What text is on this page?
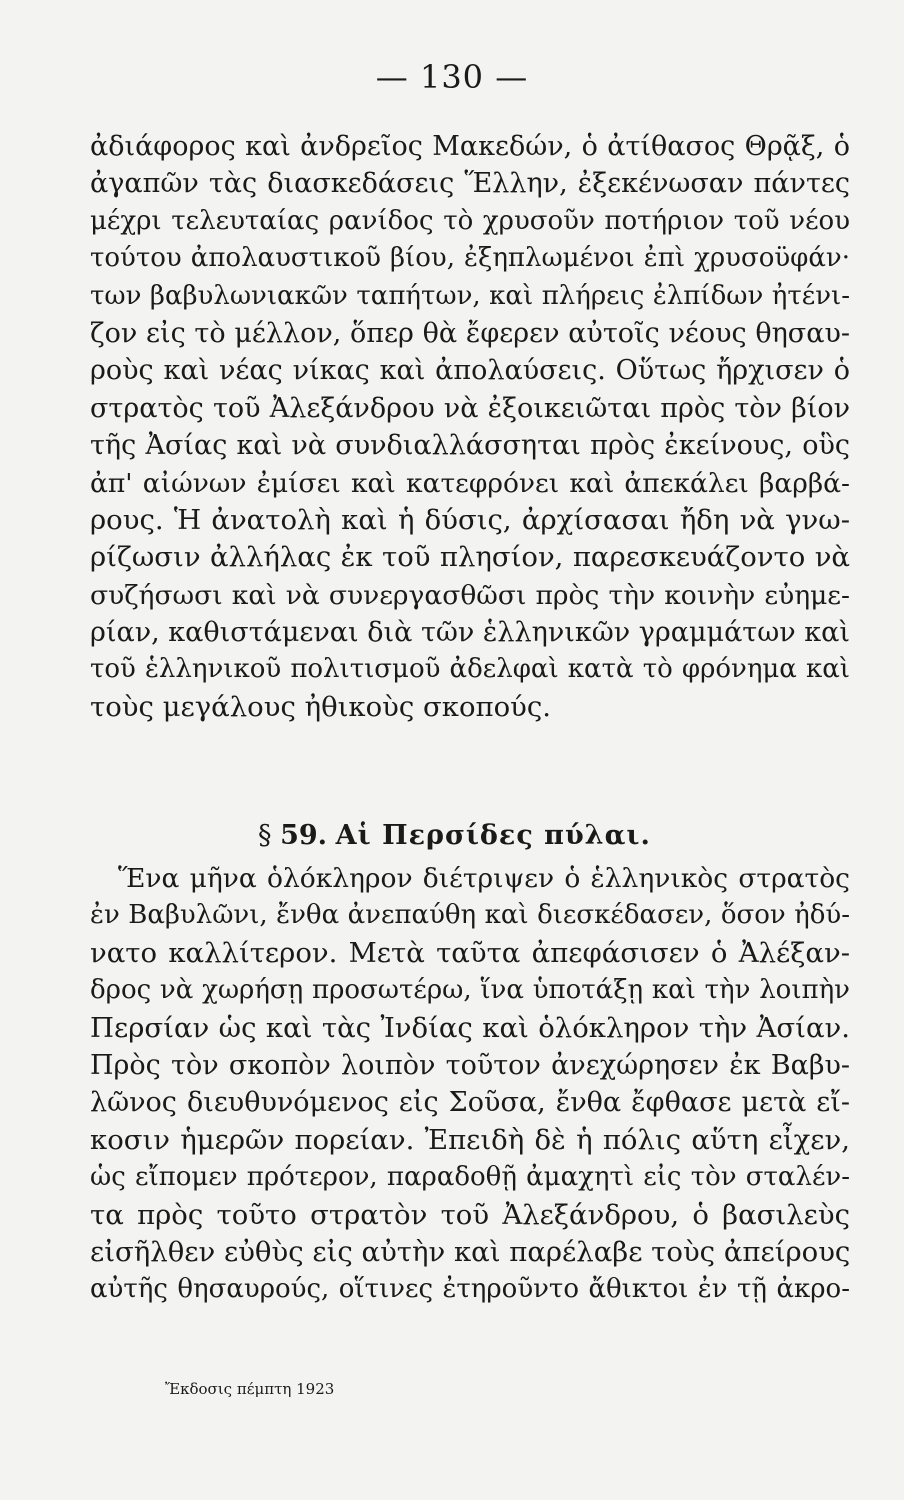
— 130 —
ἀδιάφορος καὶ ἀνδρεῖος Μακεδών, ὁ ἀτίθασος Θρᾷξ, ὁ
ἀγαπῶν τὰς διασκεδάσεις Ἕλλην, ἐξεκένωσαν πάντες
μέχρι τελευταίας ρανίδος τὸ χρυσοῦν ποτήριον τοῦ νέου
τούτου ἀπολαυστικοῦ βίου, ἐξηπλωμένοι ἐπὶ χρυσοϋφάν·
των βαβυλωνιακῶν ταπήτων, καὶ πλήρεις ἐλπίδων ἠτένι-
ζον εἰς τὸ μέλλον, ὅπερ θὰ ἔφερεν αὐτοῖς νέους θησαυ-
ροὺς καὶ νέας νίκας καὶ ἀπολαύσεις. Οὕτως ἤρχισεν ὁ
στρατὸς τοῦ Ἀλεξάνδρου νὰ ἐξοικειῶται πρὸς τὸν βίον
τῆς Ἀσίας καὶ νὰ συνδιαλλάσσηται πρὸς ἐκείνους, οὓς
ἀπ' αἰώνων ἐμίσει καὶ κατεφρόνει καὶ ἀπεκάλει βαρβά-
ρους. Ἡ ἀνατολὴ καὶ ἡ δύσις, ἀρχίσασαι ἤδη νὰ γνω-
ρίζωσιν ἀλλήλας ἐκ τοῦ πλησίον, παρεσκευάζοντο νὰ
συζήσωσι καὶ νὰ συνεργασθῶσι πρὸς τὴν κοινὴν εὐημε-
ρίαν, καθιστάμεναι διὰ τῶν ἑλληνικῶν γραμμάτων καὶ
τοῦ ἑλληνικοῦ πολιτισμοῦ ἀδελφαὶ κατὰ τὸ φρόνημα καὶ
τοὺς μεγάλους ἠθικοὺς σκοπούς.
§ 59. Αἱ Περσίδες πύλαι.
Ἕνα μῆνα ὁλόκληρον διέτριψεν ὁ ἑλληνικὸς στρατὸς
ἐν Βαβυλῶνι, ἔνθα ἀνεπαύθη καὶ διεσκέδασεν, ὅσον ἠδύ-
νατο καλλίτερον. Μετὰ ταῦτα ἀπεφάσισεν ὁ Ἀλέξαν-
δρος νὰ χωρήσῃ προσωτέρω, ἵνα ὑποτάξῃ καὶ τὴν λοιπὴν
Περσίαν ὡς καὶ τὰς Ἰνδίας καὶ ὁλόκληρον τὴν Ἀσίαν.
Πρὸς τὸν σκοπὸν λοιπὸν τοῦτον ἀνεχώρησεν ἐκ Βαβυ-
λῶνος διευθυνόμενος εἰς Σοῦσα, ἔνθα ἔφθασε μετὰ εἴ-
κοσιν ἡμερῶν πορείαν. Ἐπειδὴ δὲ ἡ πόλις αὕτη εἶχεν,
ὡς εἴπομεν πρότερον, παραδοθῇ ἀμαχητὶ εἰς τὸν σταλέν-
τα πρὸς τοῦτο στρατὸν τοῦ Ἀλεξάνδρου, ὁ βασιλεὺς
εἰσῆλθεν εὐθὺς εἰς αὐτὴν καὶ παρέλαβε τοὺς ἀπείρους
αὐτῆς θησαυρούς, οἵτινες ἐτηροῦντο ἄθικτοι ἐν τῇ ἀκρο-
Ἔκδοσις πέμπτη 1923
